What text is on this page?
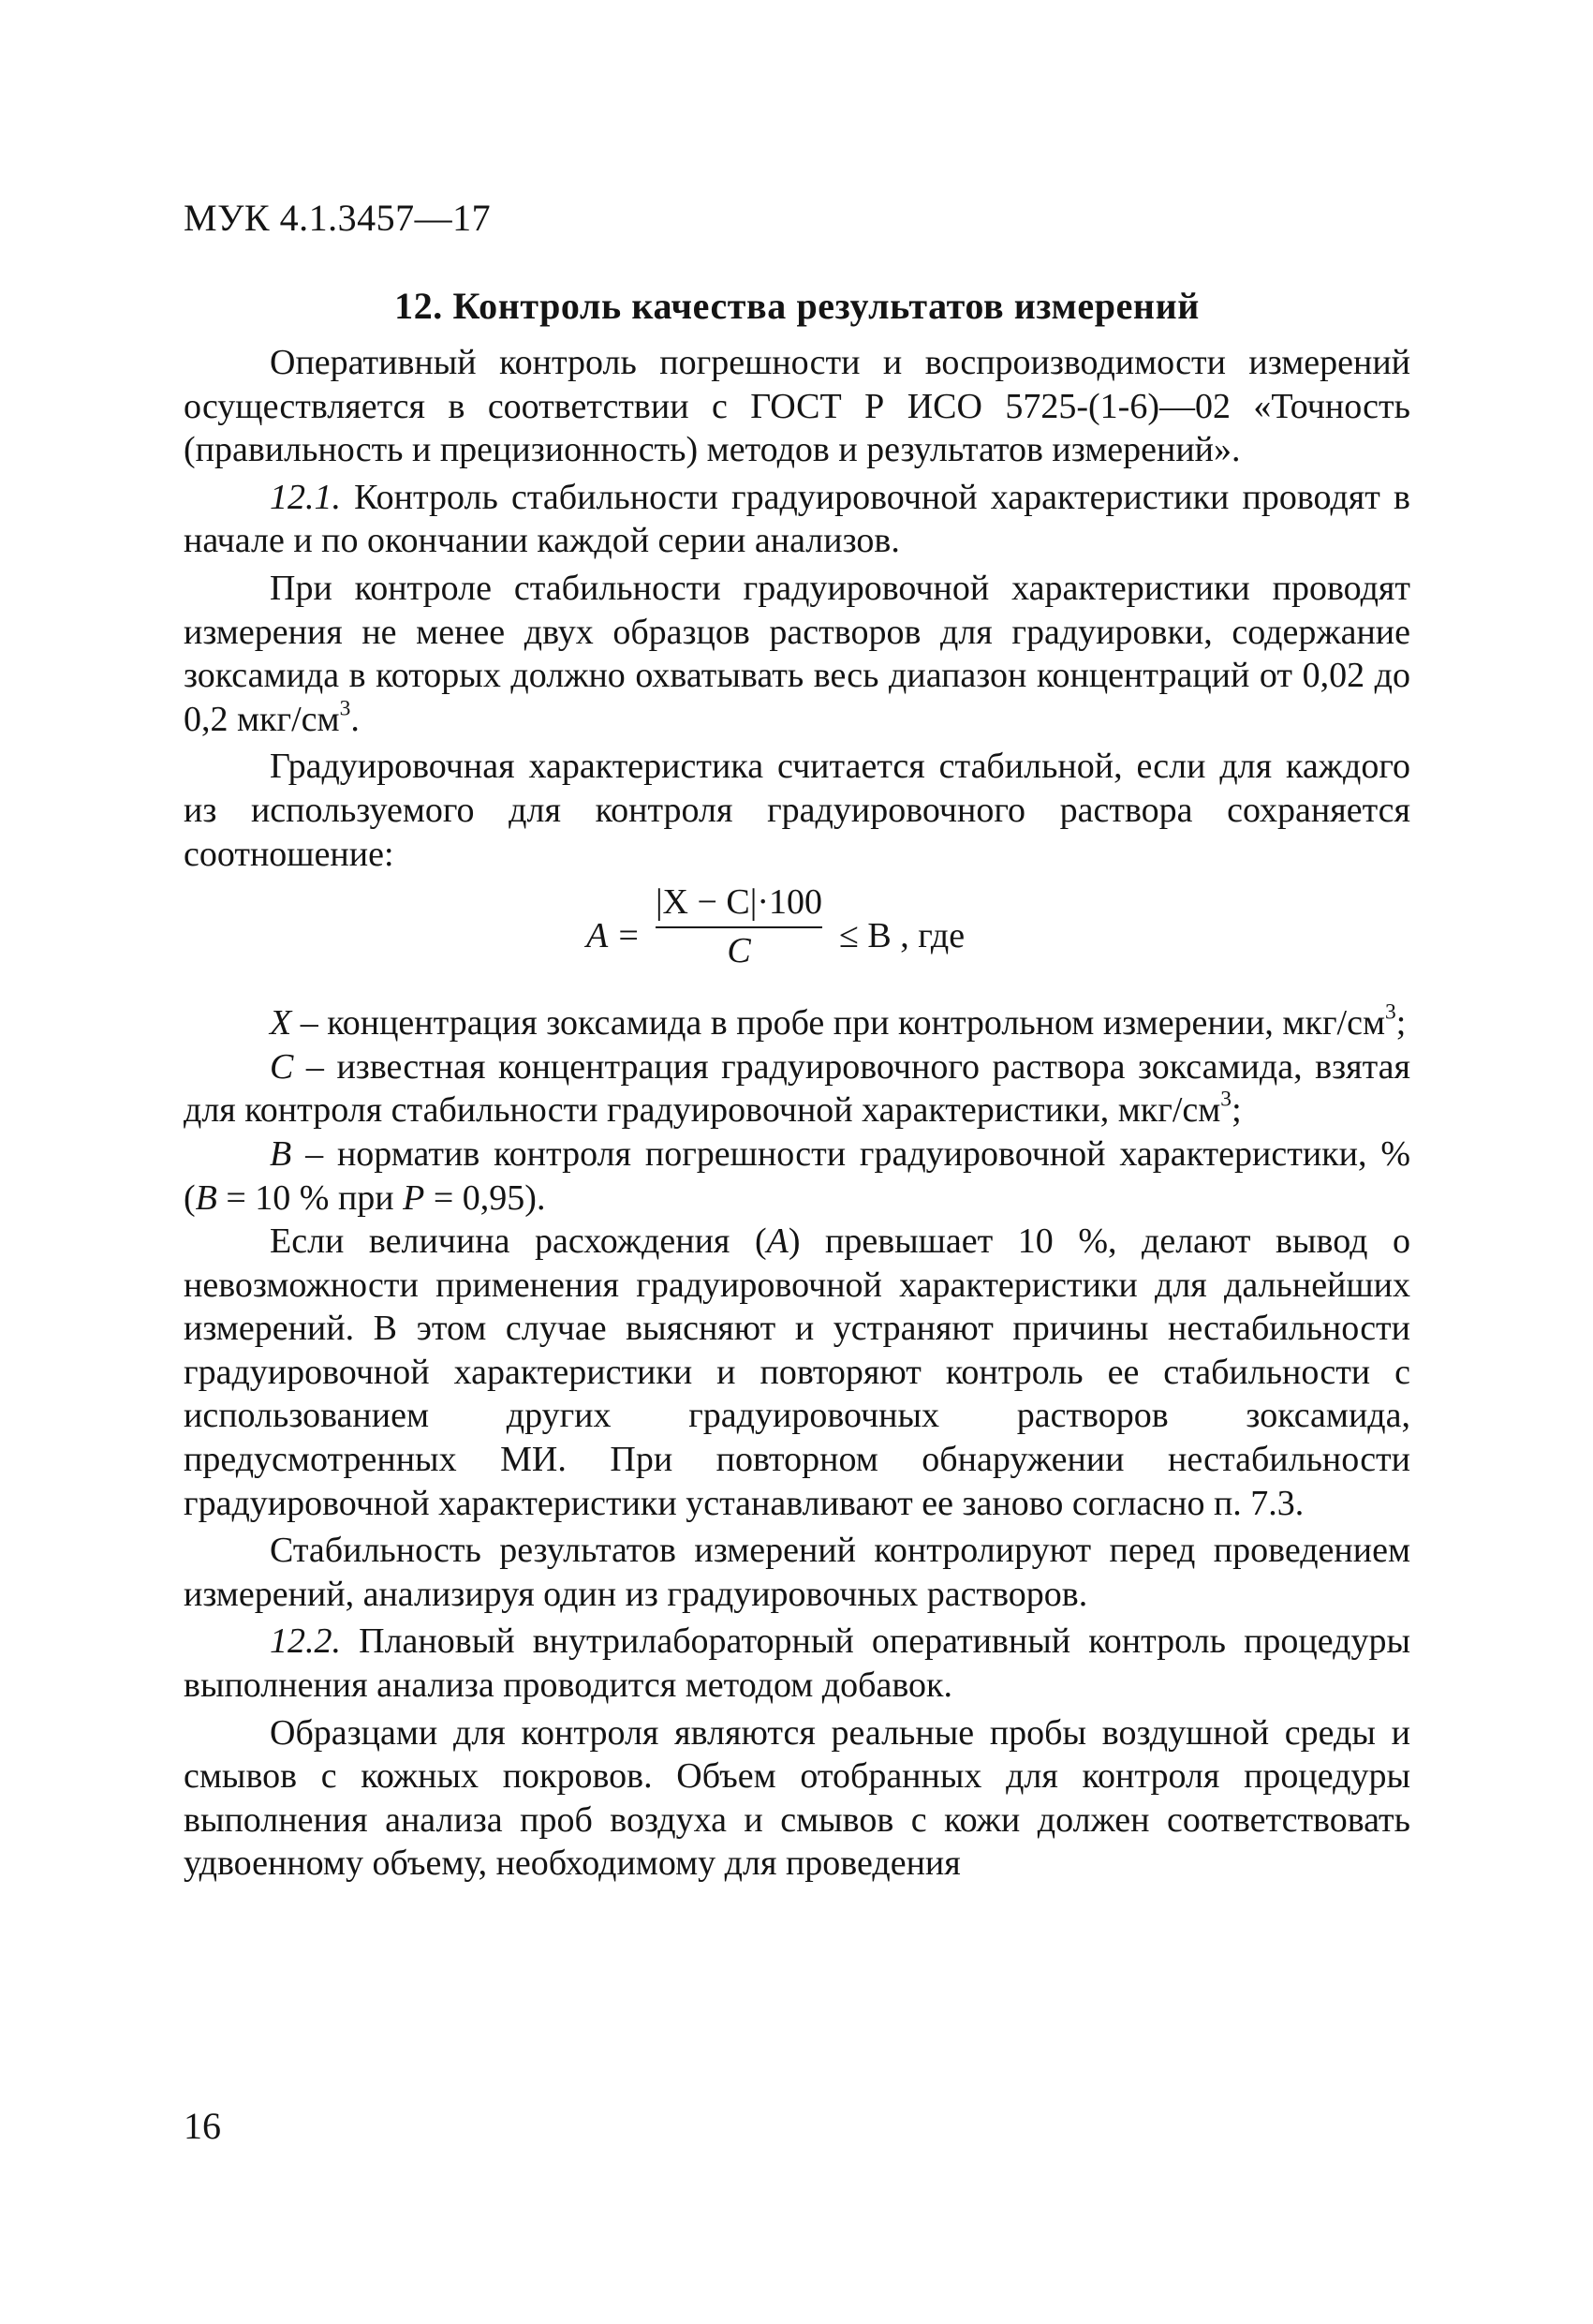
МУК 4.1.3457—17
12. Контроль качества результатов измерений

Оперативный контроль погрешности и воспроизводимости измерений осуществляется в соответствии с ГОСТ Р ИСО 5725-(1-6)—02 «Точность (правильность и прецизионность) методов и результатов измерений».

12.1. Контроль стабильности градуировочной характеристики проводят в начале и по окончании каждой серии анализов.

При контроле стабильности градуировочной характеристики проводят измерения не менее двух образцов растворов для градуировки, содержание зоксамида в которых должно охватывать весь диапазон концентраций от 0,02 до 0,2 мкг/$см^3$.

Градуировочная характеристика считается стабильной, если для каждого из используемого для контроля градуировочного раствора сохраняется соотношение:

A =
|X − C|·100
C	≤ B , где

X – концентрация зоксамида в пробе при контрольном измерении, мкг/$см^3$;

C – известная концентрация градуировочного раствора зоксамида, взятая для контроля стабильности градуировочной характеристики, мкг/$см^3$;

B – норматив контроля погрешности градуировочной характеристики, % (B = 10 % при P = 0,95).

Если величина расхождения (A) превышает 10 %, делают вывод о невозможности применения градуировочной характеристики для дальнейших измерений. В этом случае выясняют и устраняют причины нестабильности градуировочной характеристики и повторяют контроль ее стабильности с использованием других градуировочных растворов зоксамида, предусмотренных МИ. При повторном обнаружении нестабильности градуировочной характеристики устанавливают ее заново согласно п. 7.3.

Стабильность результатов измерений контролируют перед проведением измерений, анализируя один из градуировочных растворов.

12.2. Плановый внутрилабораторный оперативный контроль процедуры выполнения анализа проводится методом добавок.

Образцами для контроля являются реальные пробы воздушной среды и смывов с кожных покровов. Объем отобранных для контроля процедуры выполнения анализа проб воздуха и смывов с кожи должен соответствовать удвоенному объему, необходимому для проведения

16
